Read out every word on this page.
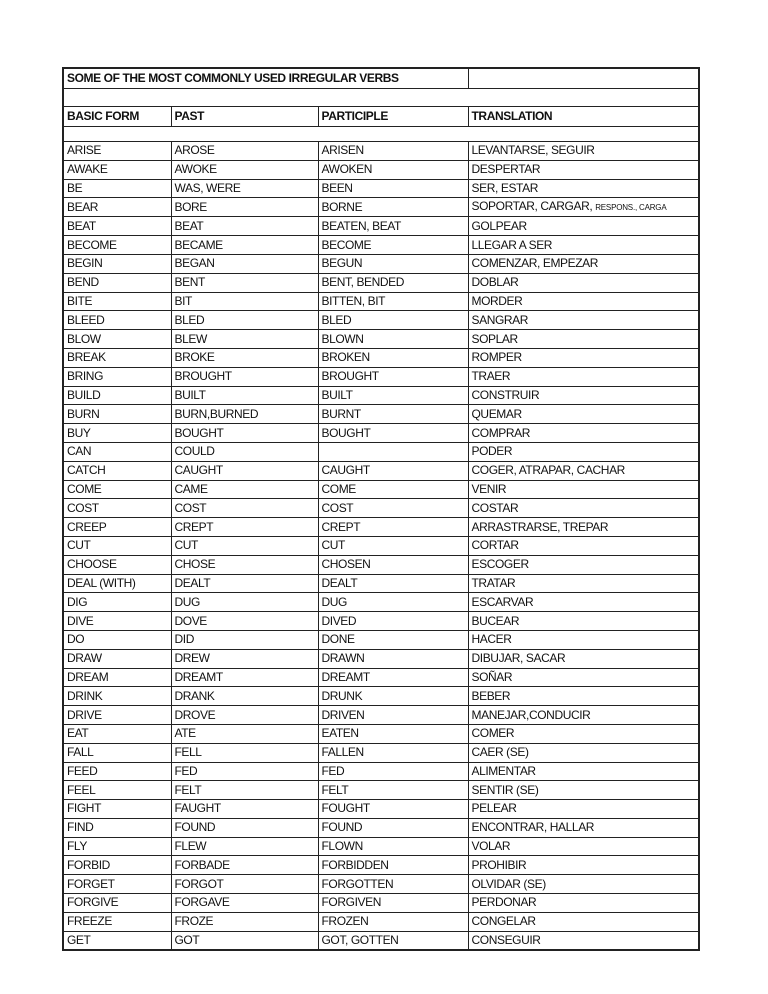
SOME OF THE MOST COMMONLY USED IRREGULAR VERBS			

BASIC FORM	PAST	PARTICIPLE	TRANSLATION

ARISE	AROSE	ARISEN	LEVANTARSE, SEGUIR
AWAKE	AWOKE	AWOKEN	DESPERTAR
BE	WAS, WERE	BEEN	SER, ESTAR
BEAR	BORE	BORNE	SOPORTAR, CARGAR, RESPONS., CARGA
BEAT	BEAT	BEATEN, BEAT	GOLPEAR
BECOME	BECAME	BECOME	LLEGAR A SER
BEGIN	BEGAN	BEGUN	COMENZAR, EMPEZAR
BEND	BENT	BENT, BENDED	DOBLAR
BITE	BIT	BITTEN, BIT	MORDER
BLEED	BLED	BLED	SANGRAR
BLOW	BLEW	BLOWN	SOPLAR
BREAK	BROKE	BROKEN	ROMPER
BRING	BROUGHT	BROUGHT	TRAER
BUILD	BUILT	BUILT	CONSTRUIR
BURN	BURN,BURNED	BURNT	QUEMAR
BUY	BOUGHT	BOUGHT	COMPRAR
CAN	COULD		PODER
CATCH	CAUGHT	CAUGHT	COGER, ATRAPAR, CACHAR
COME	CAME	COME	VENIR
COST	COST	COST	COSTAR
CREEP	CREPT	CREPT	ARRASTRARSE, TREPAR
CUT	CUT	CUT	CORTAR
CHOOSE	CHOSE	CHOSEN	ESCOGER
DEAL (WITH)	DEALT	DEALT	TRATAR
DIG	DUG	DUG	ESCARVAR
DIVE	DOVE	DIVED	BUCEAR
DO	DID	DONE	HACER
DRAW	DREW	DRAWN	DIBUJAR, SACAR
DREAM	DREAMT	DREAMT	SOÑAR
DRINK	DRANK	DRUNK	BEBER
DRIVE	DROVE	DRIVEN	MANEJAR,CONDUCIR
EAT	ATE	EATEN	COMER
FALL	FELL	FALLEN	CAER (SE)
FEED	FED	FED	ALIMENTAR
FEEL	FELT	FELT	SENTIR (SE)
FIGHT	FAUGHT	FOUGHT	PELEAR
FIND	FOUND	FOUND	ENCONTRAR, HALLAR
FLY	FLEW	FLOWN	VOLAR
FORBID	FORBADE	FORBIDDEN	PROHIBIR
FORGET	FORGOT	FORGOTTEN	OLVIDAR (SE)
FORGIVE	FORGAVE	FORGIVEN	PERDONAR
FREEZE	FROZE	FROZEN	CONGELAR
GET	GOT	GOT, GOTTEN	CONSEGUIR
